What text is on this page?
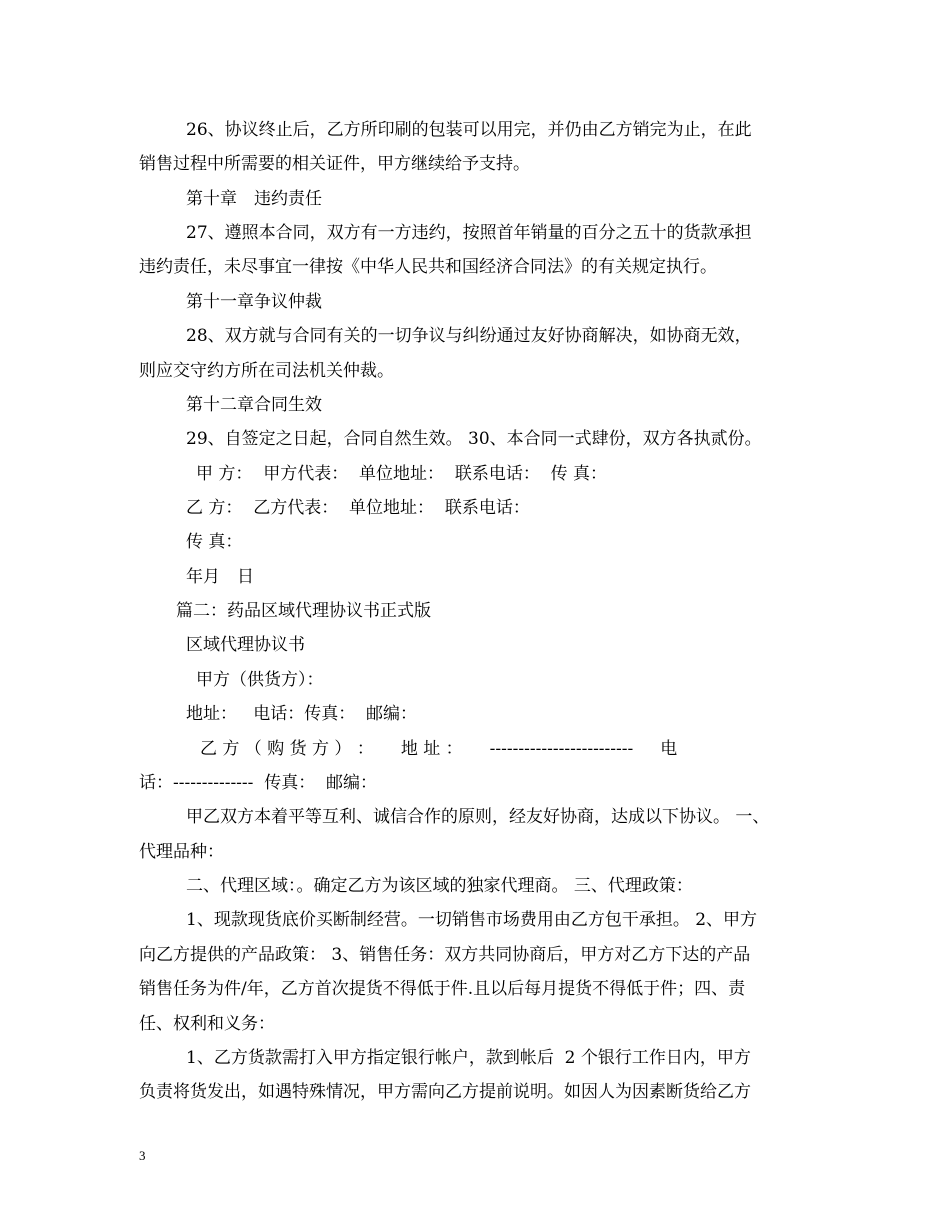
26、协议终止后，乙方所印刷的包装可以用完，并仍由乙方销完为止，在此
销售过程中所需要的相关证件，甲方继续给予支持。
第十章　违约责任
27、遵照本合同，双方有一方违约，按照首年销量的百分之五十的货款承担
违约责任，未尽事宜一律按《中华人民共和国经济合同法》的有关规定执行。
第十一章争议仲裁
28、双方就与合同有关的一切争议与纠纷通过友好协商解决，如协商无效，
则应交守约方所在司法机关仲裁。
第十二章合同生效
29、自签定之日起，合同自然生效。 30、本合同一式肆份，双方各执贰份。
甲 方：  甲方代表：  单位地址：  联系电话：  传 真：
乙 方：  乙方代表：  单位地址：  联系电话：
传 真：
年月　日
篇二：药品区域代理协议书正式版
区域代理协议书
甲方（供货方）：
地址：   电话：传真：  邮编：
乙 方 （ 购 货 方 ） ：     地 址 ：     -------------------------     电
话：--------------  传真：  邮编：
甲乙双方本着平等互利、诚信合作的原则，经友好协商，达成以下协议。 一、
代理品种：
二、代理区域：。确定乙方为该区域的独家代理商。 三、代理政策：
1、现款现货底价买断制经营。一切销售市场费用由乙方包干承担。 2、甲方
向乙方提供的产品政策： 3、销售任务：双方共同协商后，甲方对乙方下达的产品
销售任务为件/年，乙方首次提货不得低于件.且以后每月提货不得低于件；四、责
任、权利和义务：
1、乙方货款需打入甲方指定银行帐户，款到帐后  2 个银行工作日内，甲方
负责将货发出，如遇特殊情况，甲方需向乙方提前说明。如因人为因素断货给乙方
3
